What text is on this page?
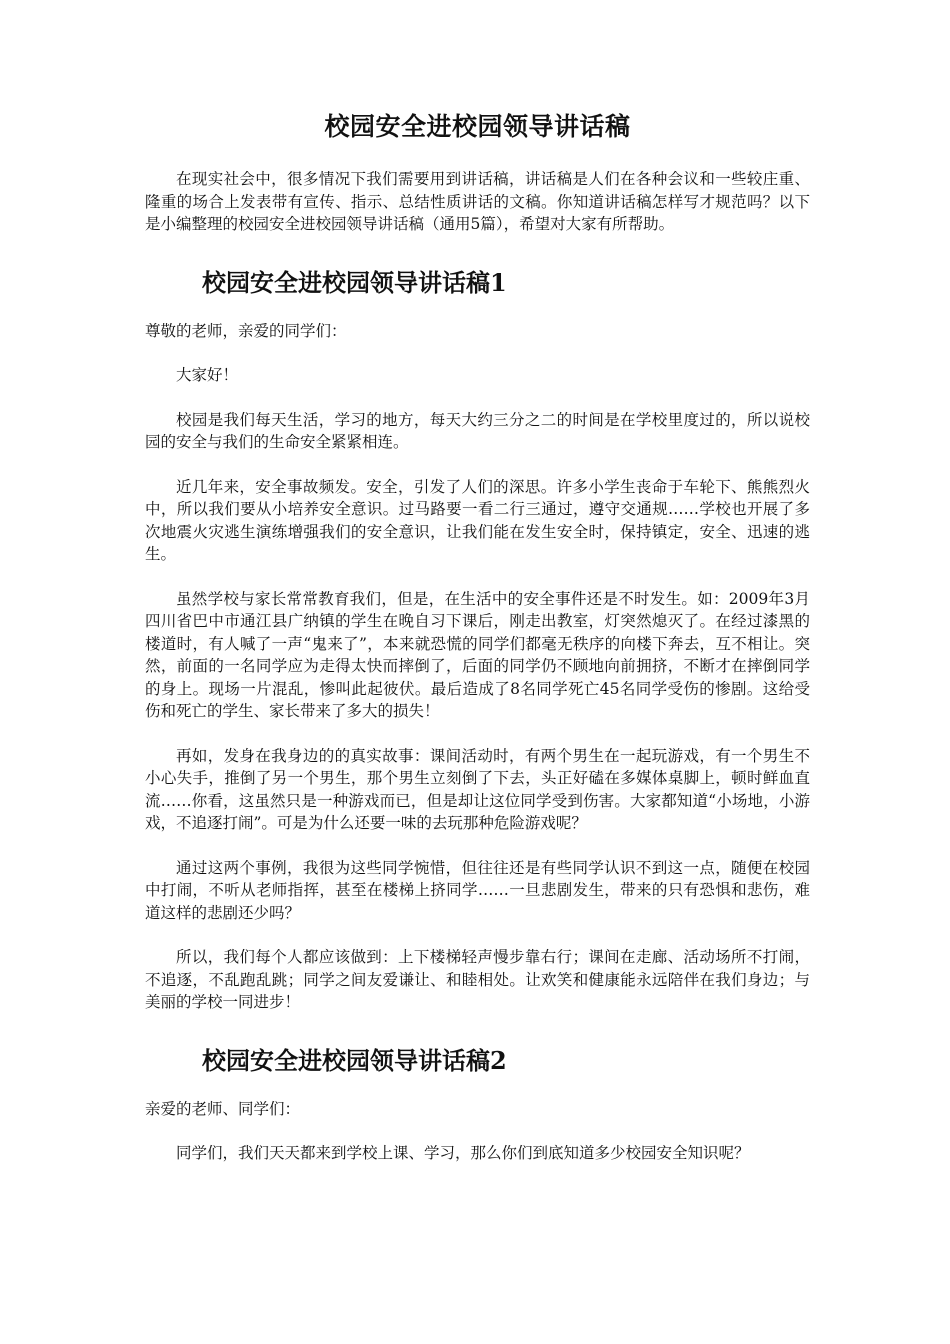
校园安全进校园领导讲话稿

在现实社会中，很多情况下我们需要用到讲话稿，讲话稿是人们在各种会议和一些较庄重、隆重的场合上发表带有宣传、指示、总结性质讲话的文稿。你知道讲话稿怎样写才规范吗？以下是小编整理的校园安全进校园领导讲话稿（通用5篇），希望对大家有所帮助。

校园安全进校园领导讲话稿1

尊敬的老师，亲爱的同学们：

大家好！

校园是我们每天生活，学习的地方，每天大约三分之二的时间是在学校里度过的，所以说校园的安全与我们的生命安全紧紧相连。

近几年来，安全事故频发。安全，引发了人们的深思。许多小学生丧命于车轮下、熊熊烈火中，所以我们要从小培养安全意识。过马路要一看二行三通过，遵守交通规……学校也开展了多次地震火灾逃生演练增强我们的安全意识，让我们能在发生安全时，保持镇定，安全、迅速的逃生。

虽然学校与家长常常教育我们，但是，在生活中的安全事件还是不时发生。如：2009年3月四川省巴中市通江县广纳镇的学生在晚自习下课后，刚走出教室，灯突然熄灭了。在经过漆黑的楼道时，有人喊了一声“鬼来了”，本来就恐慌的同学们都毫无秩序的向楼下奔去，互不相让。突然，前面的一名同学应为走得太快而摔倒了，后面的同学仍不顾地向前拥挤，不断才在摔倒同学的身上。现场一片混乱，惨叫此起彼伏。最后造成了8名同学死亡45名同学受伤的惨剧。这给受伤和死亡的学生、家长带来了多大的损失！

再如，发身在我身边的的真实故事：课间活动时，有两个男生在一起玩游戏，有一个男生不小心失手，推倒了另一个男生，那个男生立刻倒了下去，头正好磕在多媒体桌脚上，顿时鲜血直流……你看，这虽然只是一种游戏而已，但是却让这位同学受到伤害。大家都知道“小场地，小游戏，不追逐打闹”。可是为什么还要一味的去玩那种危险游戏呢？

通过这两个事例，我很为这些同学惋惜，但往往还是有些同学认识不到这一点，随便在校园中打闹，不听从老师指挥，甚至在楼梯上挤同学……一旦悲剧发生，带来的只有恐惧和悲伤，难道这样的悲剧还少吗？

所以，我们每个人都应该做到：上下楼梯轻声慢步靠右行；课间在走廊、活动场所不打闹，不追逐，不乱跑乱跳；同学之间友爱谦让、和睦相处。让欢笑和健康能永远陪伴在我们身边；与美丽的学校一同进步！

校园安全进校园领导讲话稿2

亲爱的老师、同学们：

同学们，我们天天都来到学校上课、学习，那么你们到底知道多少校园安全知识呢？
